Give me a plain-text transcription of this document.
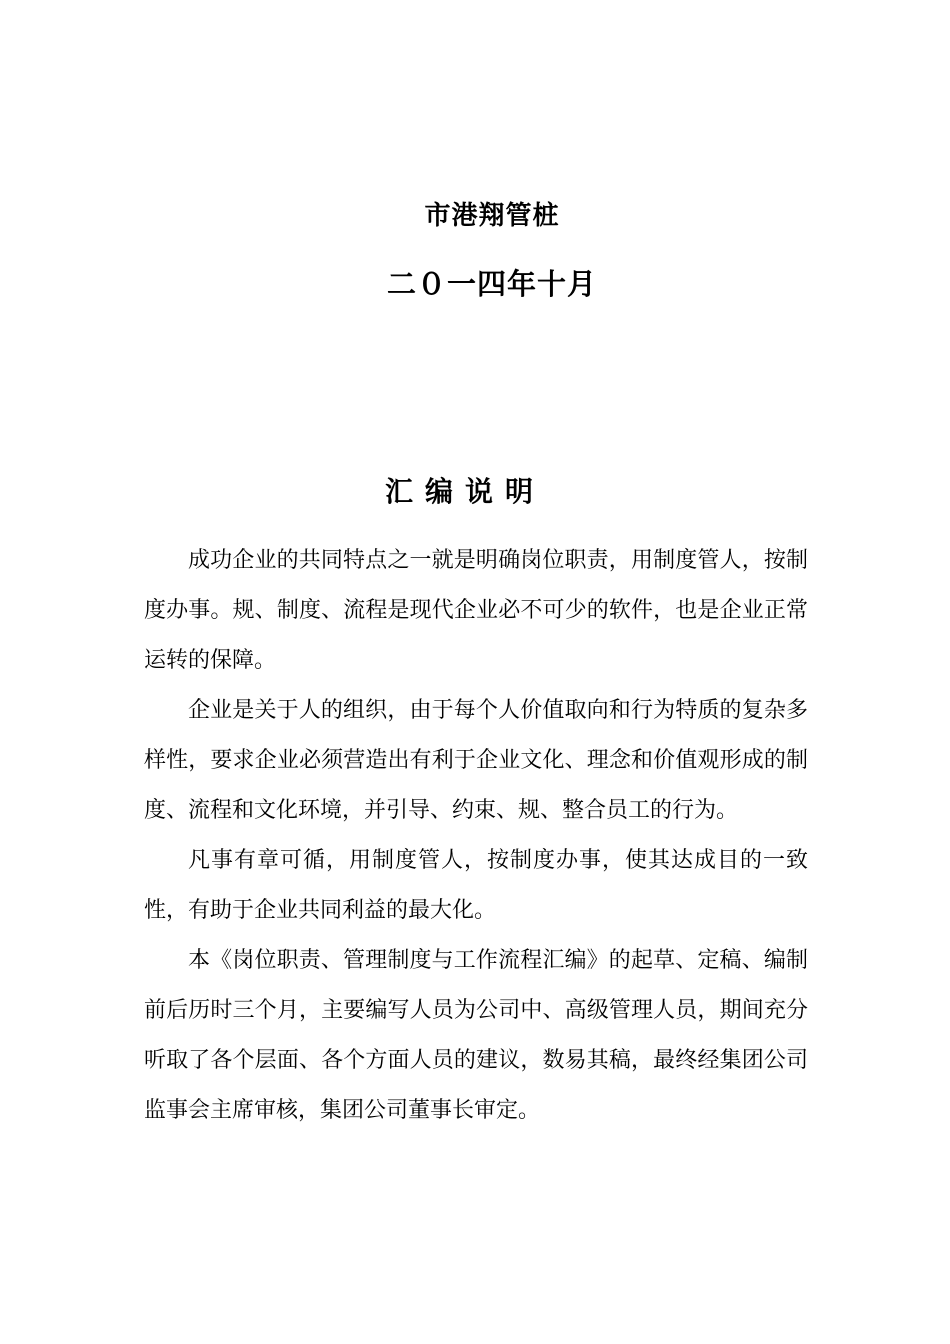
市港翔管桩
二０一四年十月
汇编说明

成功企业的共同特点之一就是明确岗位职责，用制度管人，按制度办事。规、制度、流程是现代企业必不可少的软件，也是企业正常运转的保障。

企业是关于人的组织，由于每个人价值取向和行为特质的复杂多样性，要求企业必须营造出有利于企业文化、理念和价值观形成的制度、流程和文化环境，并引导、约束、规、整合员工的行为。

凡事有章可循，用制度管人，按制度办事，使其达成目的一致性，有助于企业共同利益的最大化。

本《岗位职责、管理制度与工作流程汇编》的起草、定稿、编制前后历时三个月，主要编写人员为公司中、高级管理人员，期间充分听取了各个层面、各个方面人员的建议，数易其稿，最终经集团公司监事会主席审核，集团公司董事长审定。
